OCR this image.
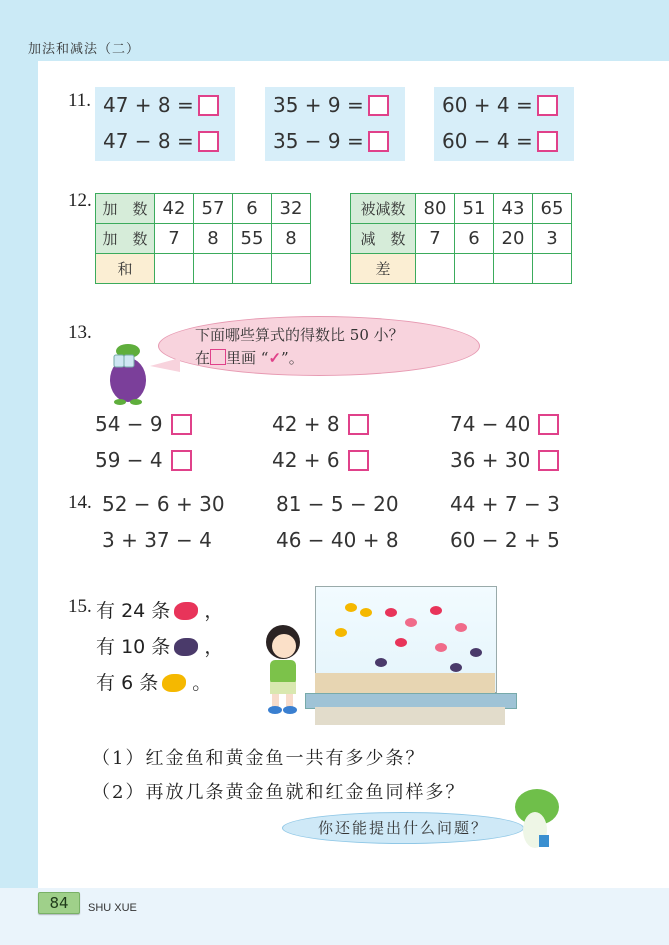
加法和减法（二）
11. 47 + 8 =
47 − 8 =
35 + 9 =
35 − 9 =
60 + 4 =
60 − 4 =
12. 加　数	42	57	6	32
加　数	7	8	55	8
和				
被减数	80	51	43	65
减　数	7	6	20	3
差				
13.	下面哪些算式的得数比 50 小？
在 里画 “✓”。
54 − 9	42 + 8	74 − 40
59 − 4	42 + 6	36 + 30
14. 52 − 6 + 30	81 − 5 − 20	44 + 7 − 3
3 + 37 − 4	46 − 40 + 8	60 − 2 + 5
15. 有 24 条 ，
有 10 条 ，
有 6 条 。
（1）红金鱼和黄金鱼一共有多少条？
（2）再放几条黄金鱼就和红金鱼同样多？
你还能提出什么问题？
84	SHU XUE
